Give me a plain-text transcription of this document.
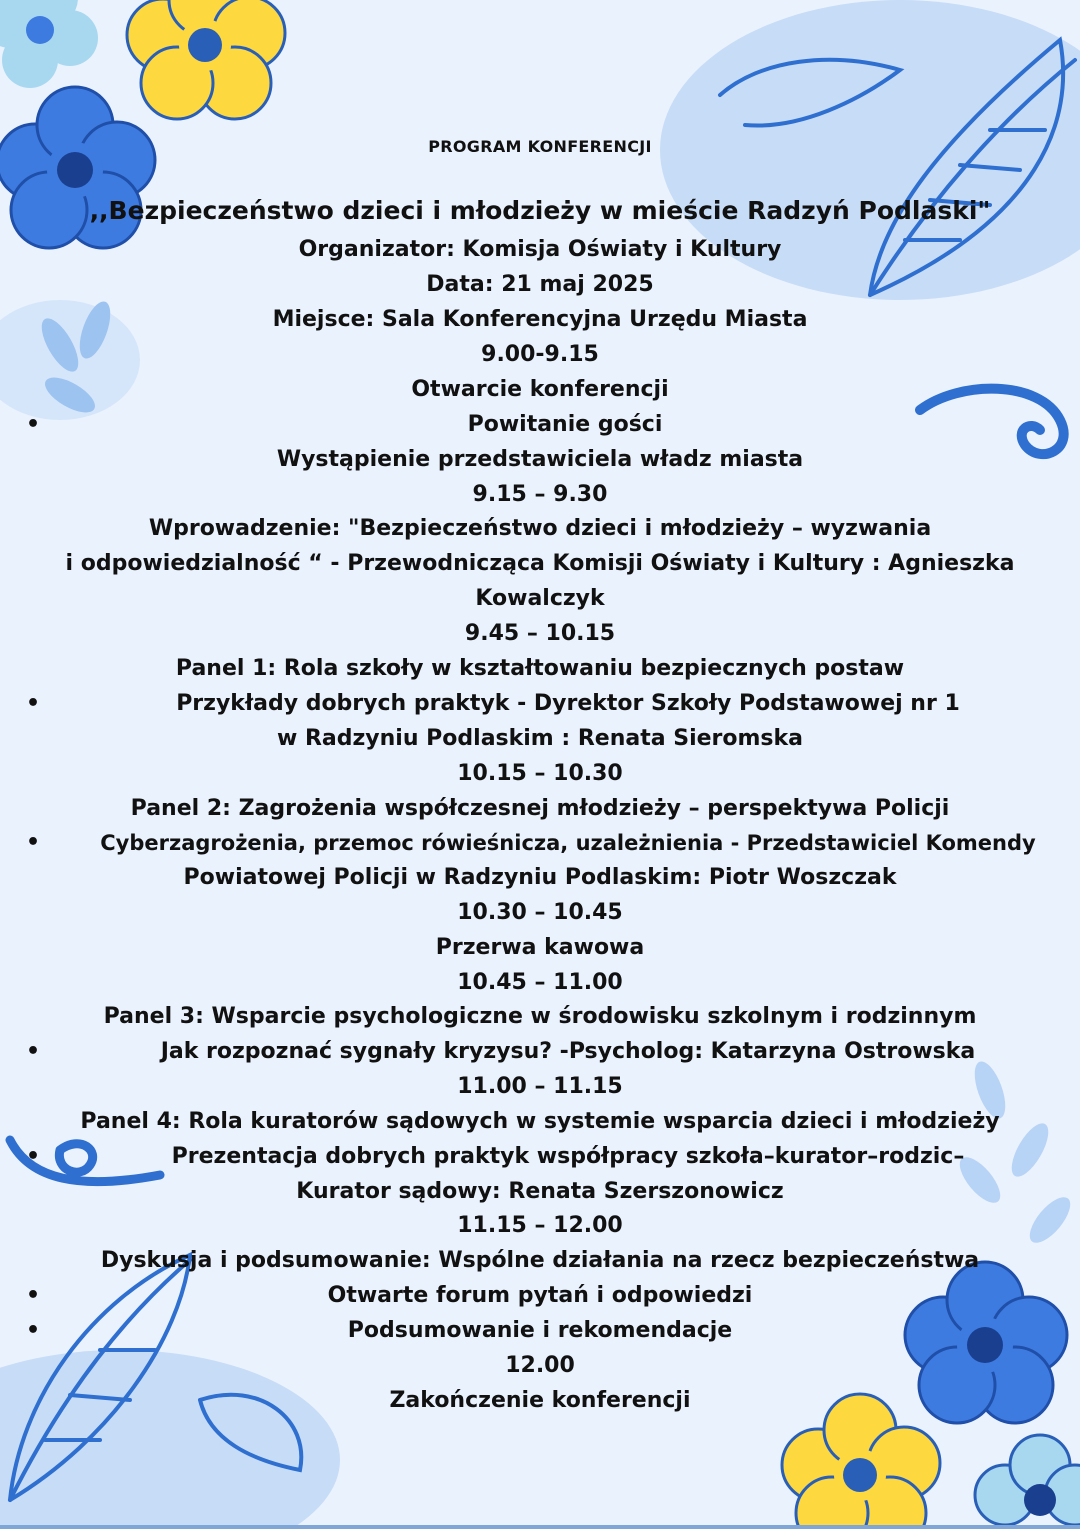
PROGRAM KONFERENCJI
,,Bezpieczeństwo dzieci i młodzieży w mieście Radzyń Podlaski"
Organizator: Komisja Oświaty i Kultury
Data: 21 maj 2025
Miejsce: Sala Konferencyjna Urzędu Miasta
9.00-9.15
Otwarcie konferencji
•	Powitanie gości
Wystąpienie przedstawiciela władz miasta
9.15 – 9.30
Wprowadzenie: "Bezpieczeństwo dzieci i młodzieży – wyzwania
i odpowiedzialność “ - Przewodnicząca Komisji Oświaty i Kultury : Agnieszka
Kowalczyk
9.45 – 10.15
Panel 1: Rola szkoły w kształtowaniu bezpiecznych postaw
•	Przykłady dobrych praktyk - Dyrektor Szkoły Podstawowej nr 1
w Radzyniu Podlaskim : Renata Sieromska
10.15 – 10.30
Panel 2: Zagrożenia współczesnej młodzieży – perspektywa Policji
•	Cyberzagrożenia, przemoc rówieśnicza, uzależnienia - Przedstawiciel Komendy
Powiatowej Policji w Radzyniu Podlaskim: Piotr Woszczak
10.30 – 10.45
Przerwa kawowa
10.45 – 11.00
Panel 3: Wsparcie psychologiczne w środowisku szkolnym i rodzinnym
•	Jak rozpoznać sygnały kryzysu? -Psycholog: Katarzyna Ostrowska
11.00 – 11.15
Panel 4: Rola kuratorów sądowych w systemie wsparcia dzieci i młodzieży
•	Prezentacja dobrych praktyk współpracy szkoła–kurator–rodzic–
Kurator sądowy: Renata Szerszonowicz
11.15 – 12.00
Dyskusja i podsumowanie: Wspólne działania na rzecz bezpieczeństwa
•	Otwarte forum pytań i odpowiedzi
•	Podsumowanie i rekomendacje
12.00
Zakończenie konferencji
